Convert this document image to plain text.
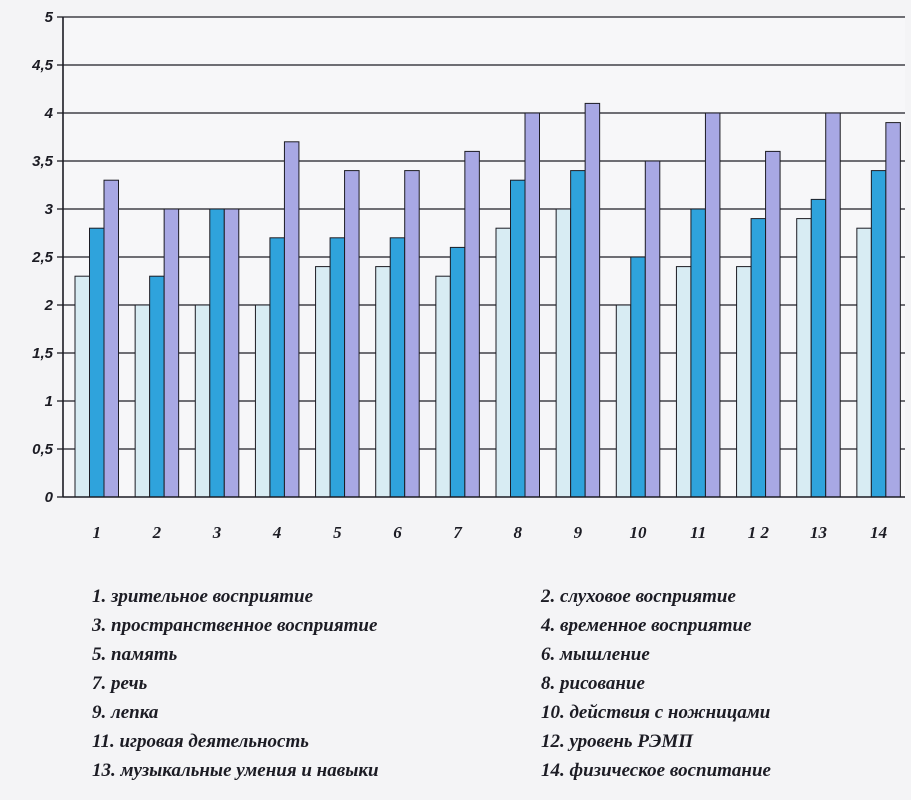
0
0,5
1
1,5
2
2,5
3
3,5
4
4,5
5
1	2	3	4	5	6	7	8	9	10	11 1 2 13	14
1. зрительное восприятие	2. слуховое восприятие
3. пространственное восприятие	4. временное восприятие
5. память	6. мышление
7. речь	8. рисование
9. лепка	10. действия с ножницами
11. игровая деятельность	12. уровень РЭМП
13. музыкальные умения и навыки	14. физическое воспитание
